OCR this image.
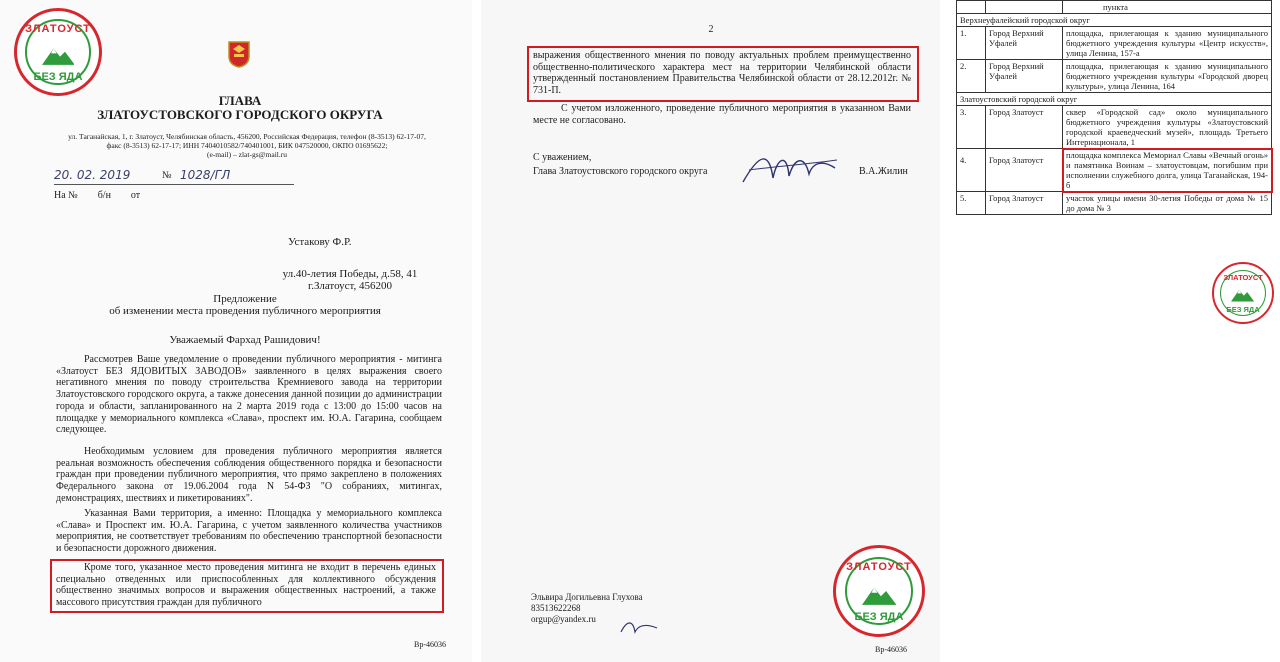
ЗЛАТОУСТ
БЕЗ ЯДА
ГЛАВА
ЗЛАТОУСТОВСКОГО ГОРОДСКОГО ОКРУГА
ул. Таганайская, 1, г. Златоуст, Челябинская область, 456200, Российская Федерация, телефон (8-3513) 62-17-07,
факс (8-3513) 62-17-17; ИНН 7404010582/740401001, БИК 047520000, ОКПО 01695622;
(e-mail) – zlat-gs@mail.ru
20. 02. 2019	№ 1028/ГЛ
На №        б/н        от
Устакову Ф.Р.
ул.40-летия Победы, д.58, 41
г.Златоуст, 456200
Предложение
об изменении места проведения публичного мероприятия
Уважаемый Фархад Рашидович!
Рассмотрев Ваше уведомление о проведении публичного мероприятия - митинга «Златоуст БЕЗ ЯДОВИТЫХ ЗАВОДОВ» заявленного в целях выражения своего негативного мнения по поводу строительства Кремниевого завода на территории Златоустовского городского округа, а также донесения данной позиции до администрации города и области, запланированного на 2 марта 2019 года с 13:00 до 15:00 часов на площадке у мемориального комплекса «Слава», проспект им. Ю.А. Гагарина, сообщаем следующее.
Необходимым условием для проведения публичного мероприятия является реальная возможность обеспечения соблюдения общественного порядка и безопасности граждан при проведении публичного мероприятия, что прямо закреплено в положениях Федерального закона от 19.06.2004 года N 54-ФЗ "О собраниях, митингах, демонстрациях, шествиях и пикетированиях".
Указанная Вами территория, а именно: Площадка у мемориального комплекса «Слава» и Проспект им. Ю.А. Гагарина, с учетом заявленного количества участников мероприятия, не соответствует требованиям по обеспечению транспортной безопасности и безопасности дорожного движения.
Кроме того, указанное место проведения митинга не входит в перечень единых специально отведенных или приспособленных для коллективного обсуждения общественно значимых вопросов и выражения общественных настроений, а также массового присутствия граждан для публичного
Вр-46036
2
выражения общественного мнения по поводу актуальных проблем преимущественно общественно-политического характера мест на территории Челябинской области утвержденный постановлением Правительства Челябинской области от 28.12.2012г. № 731-П.
С учетом изложенного, проведение публичного мероприятия в указанном Вами месте не согласовано.
С уважением,
Глава Златоустовского городского округа	В.А.Жилин
Эльвира Догильевна Глухова
83513622268
orgup@yandex.ru
ЗЛАТОУСТ
БЕЗ ЯДА
Вр-46036
		пункта
Верхнеуфалейский городской округ		
1.	Город Верхний Уфалей	площадка, прилегающая к зданию муниципального бюджетного учреждения культуры «Центр искусств», улица Ленина, 157-а
2.	Город Верхний Уфалей	площадка, прилегающая к зданию муниципального бюджетного учреждения культуры «Городской дворец культуры», улица Ленина, 164
Златоустовский городской округ		
3.	Город Златоуст	сквер «Городской сад» около муниципального бюджетного учреждения культуры «Златоустовский городской краеведческий музей», площадь Третьего Интернационала, 1
4.	Город Златоуст	площадка комплекса Мемориал Славы «Вечный огонь» и памятника Воинам – златоустовцам, погибшим при исполнении служебного долга, улица Таганайская, 194-б
5.	Город Златоуст	участок улицы имени 30-летия Победы от дома № 15 до дома № 3
ЗЛАТОУСТ
БЕЗ ЯДА
